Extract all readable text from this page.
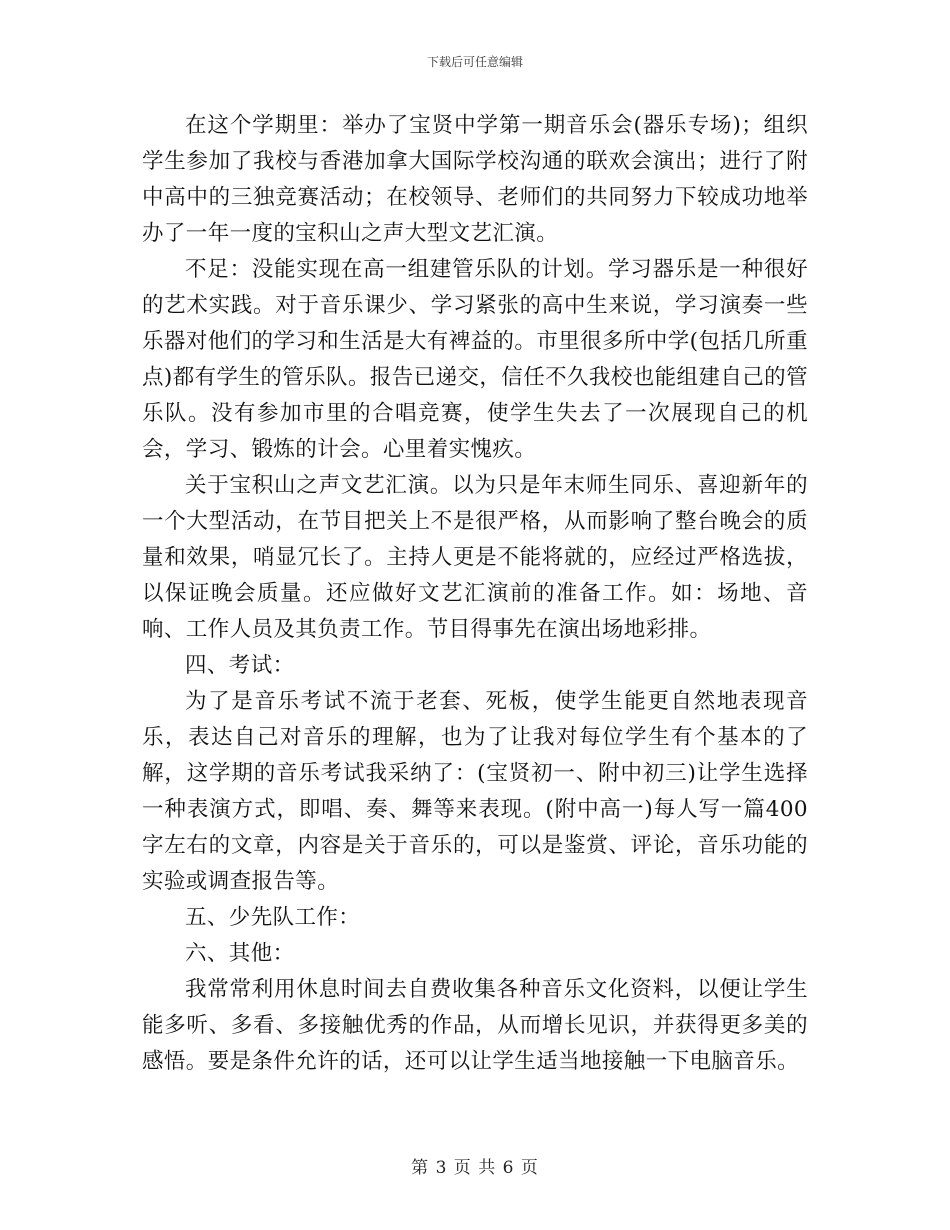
下载后可任意编辑

在这个学期里：举办了宝贤中学第一期音乐会(器乐专场)；组织学生参加了我校与香港加拿大国际学校沟通的联欢会演出；进行了附中高中的三独竞赛活动；在校领导、老师们的共同努力下较成功地举办了一年一度的宝积山之声大型文艺汇演。

不足：没能实现在高一组建管乐队的计划。学习器乐是一种很好的艺术实践。对于音乐课少、学习紧张的高中生来说，学习演奏一些乐器对他们的学习和生活是大有裨益的。市里很多所中学(包括几所重点)都有学生的管乐队。报告已递交，信任不久我校也能组建自己的管乐队。没有参加市里的合唱竞赛，使学生失去了一次展现自己的机会，学习、锻炼的计会。心里着实愧疚。

关于宝积山之声文艺汇演。以为只是年末师生同乐、喜迎新年的一个大型活动，在节目把关上不是很严格，从而影响了整台晚会的质量和效果，哨显冗长了。主持人更是不能将就的，应经过严格选拔，以保证晚会质量。还应做好文艺汇演前的准备工作。如：场地、音响、工作人员及其负责工作。节目得事先在演出场地彩排。

四、考试：

为了是音乐考试不流于老套、死板，使学生能更自然地表现音乐，表达自己对音乐的理解，也为了让我对每位学生有个基本的了解，这学期的音乐考试我采纳了：(宝贤初一、附中初三)让学生选择一种表演方式，即唱、奏、舞等来表现。(附中高一)每人写一篇400字左右的文章，内容是关于音乐的，可以是鉴赏、评论，音乐功能的实验或调查报告等。

五、少先队工作：

六、其他：

我常常利用休息时间去自费收集各种音乐文化资料，以便让学生能多听、多看、多接触优秀的作品，从而增长见识，并获得更多美的感悟。要是条件允许的话，还可以让学生适当地接触一下电脑音乐。

第 3 页 共 6 页
